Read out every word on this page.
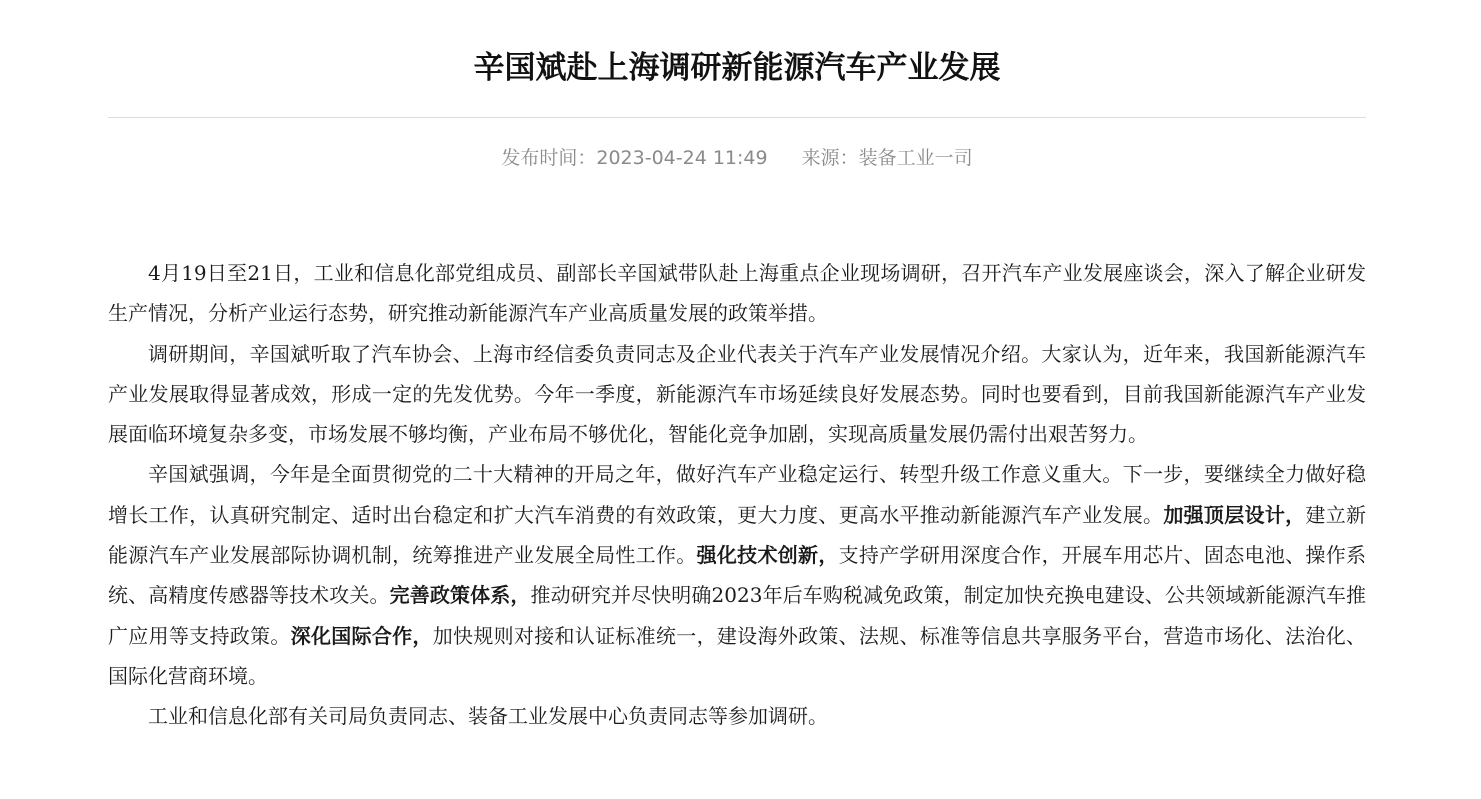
辛国斌赴上海调研新能源汽车产业发展
发布时间：2023-04-24 11:49 来源：装备工业一司

4月19日至21日，工业和信息化部党组成员、副部长辛国斌带队赴上海重点企业现场调研，召开汽车产业发展座谈会，深入了解企业研发生产情况，分析产业运行态势，研究推动新能源汽车产业高质量发展的政策举措。

调研期间，辛国斌听取了汽车协会、上海市经信委负责同志及企业代表关于汽车产业发展情况介绍。大家认为，近年来，我国新能源汽车产业发展取得显著成效，形成一定的先发优势。今年一季度，新能源汽车市场延续良好发展态势。同时也要看到，目前我国新能源汽车产业发展面临环境复杂多变，市场发展不够均衡，产业布局不够优化，智能化竞争加剧，实现高质量发展仍需付出艰苦努力。

辛国斌强调，今年是全面贯彻党的二十大精神的开局之年，做好汽车产业稳定运行、转型升级工作意义重大。下一步，要继续全力做好稳增长工作，认真研究制定、适时出台稳定和扩大汽车消费的有效政策，更大力度、更高水平推动新能源汽车产业发展。加强顶层设计，建立新能源汽车产业发展部际协调机制，统筹推进产业发展全局性工作。强化技术创新，支持产学研用深度合作，开展车用芯片、固态电池、操作系统、高精度传感器等技术攻关。完善政策体系，推动研究并尽快明确2023年后车购税减免政策，制定加快充换电建设、公共领域新能源汽车推广应用等支持政策。深化国际合作，加快规则对接和认证标准统一，建设海外政策、法规、标准等信息共享服务平台，营造市场化、法治化、国际化营商环境。

工业和信息化部有关司局负责同志、装备工业发展中心负责同志等参加调研。
